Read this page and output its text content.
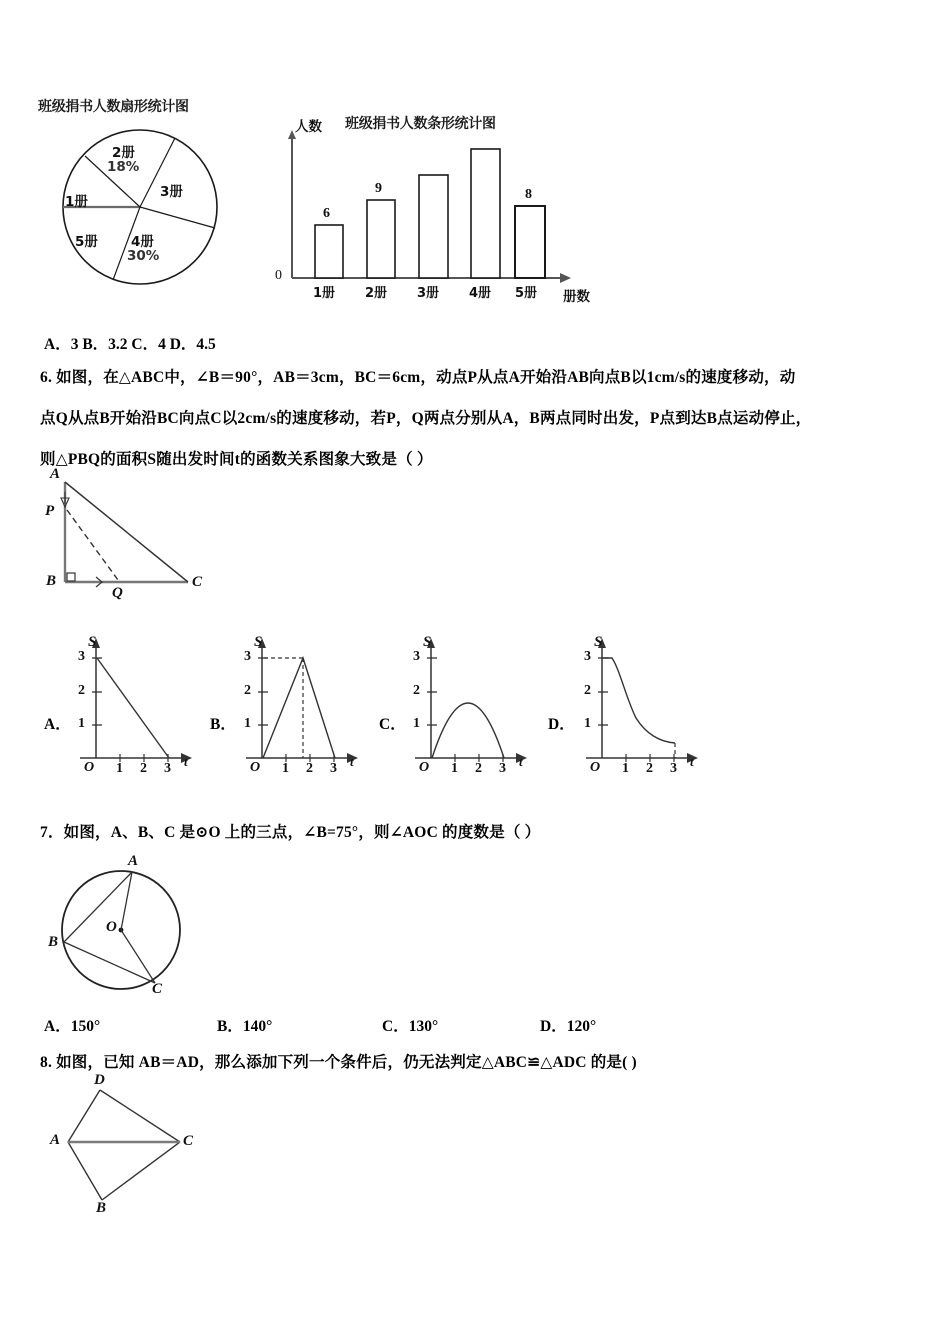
班级捐书人数扇形统计图
1册
2册
18%
3册
4册
30%
5册
人数 班级捐书人数条形统计图
0
6
9	8
1册 2册 3册 4册 5册 册数
A．3 B．3.2 C．4 D．4.5
6. 如图，在△ABC中，∠B＝90°，AB＝3cm，BC＝6cm，动点P从点A开始沿AB向点B以1cm/s的速度移动，动
点Q从点B开始沿BC向点C以2cm/s的速度移动，若P，Q两点分别从A，B两点同时出发，P点到达B点运动停止，
则△PBQ的面积S随出发时间t的函数关系图象大致是（ ）
A
P
B
Q
C
A．
S
t
O
3
2
1
1 2 3
B．
S
t
O
3
2
1
1 2 3
C．
S
t
O
3
2
1
1 2 3
D．
S
t
O
3
2
1
1 2 3
7．如图，A、B、C 是⊙O 上的三点，∠B=75°，则∠AOC 的度数是（ ）
A
B
C
O
A．150°	B．140°	C．130°	D．120°
8. 如图，已知 AB＝AD，那么添加下列一个条件后，仍无法判定△ABC≌△ADC 的是( )
D
A	C
B
